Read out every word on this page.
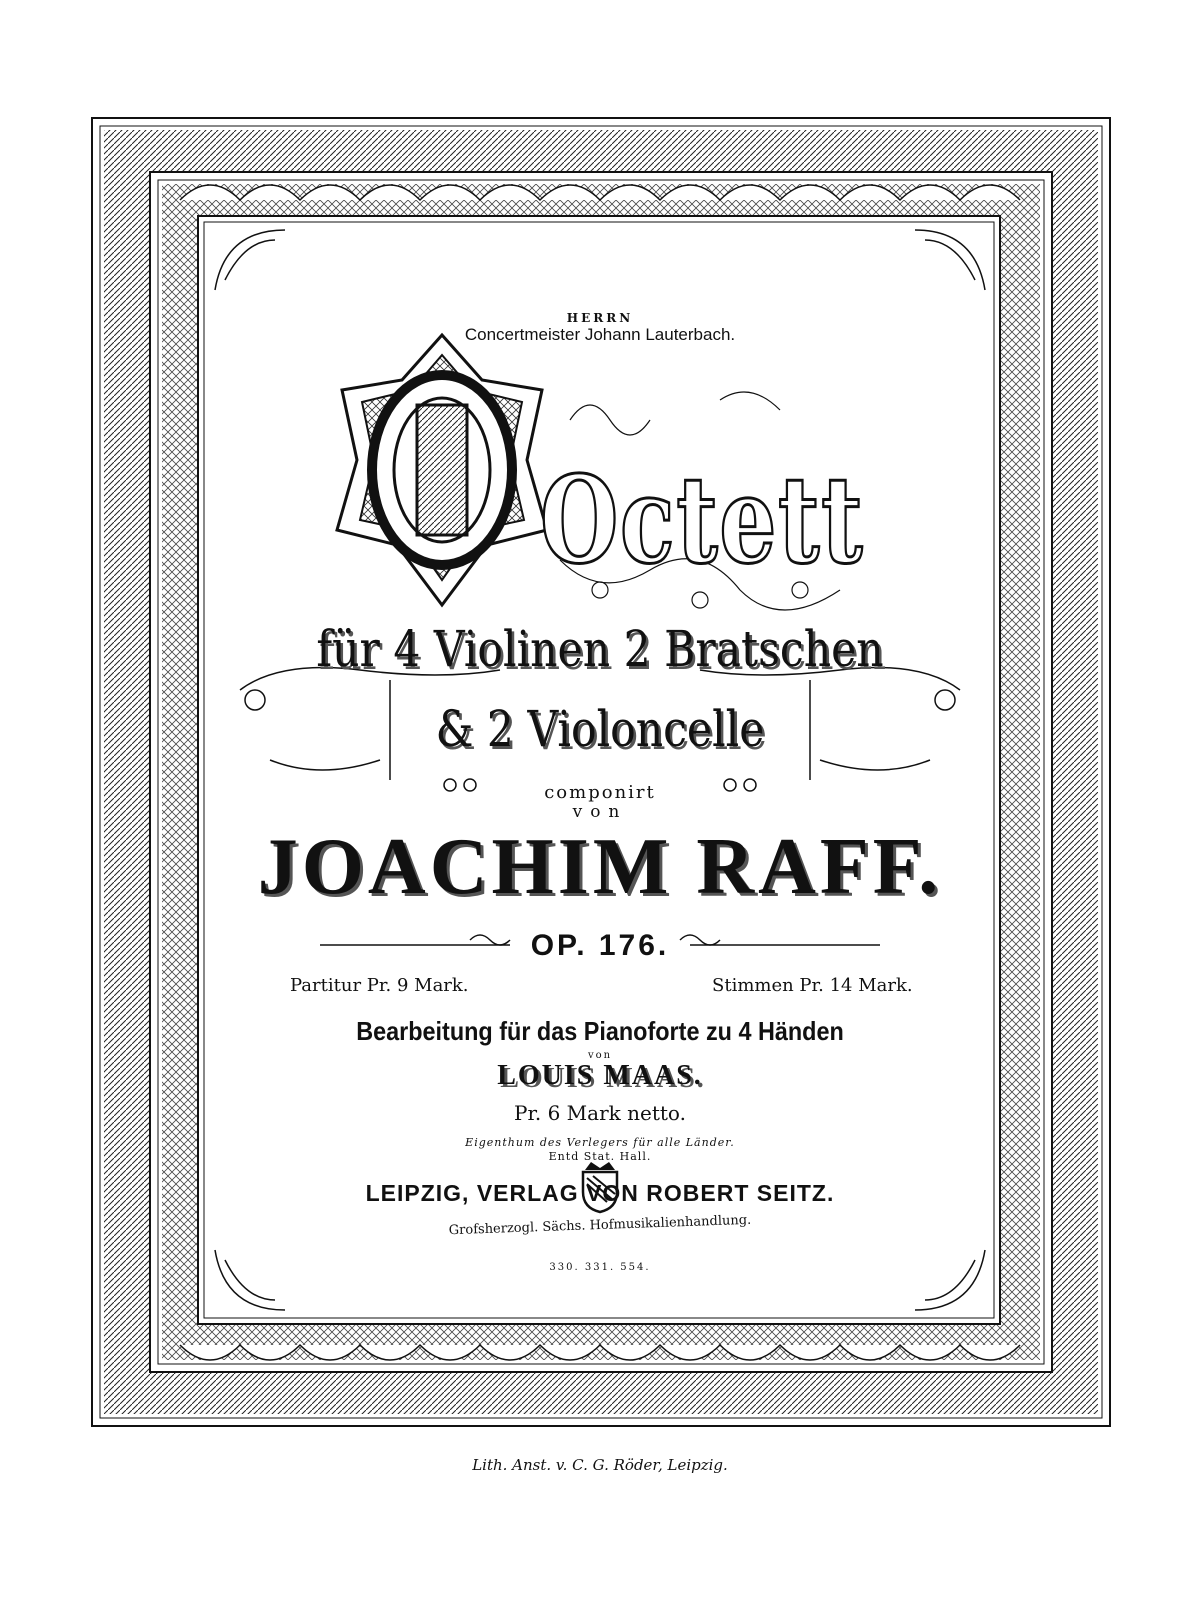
Octett
HERRN
Concertmeister Johann Lauterbach.
für 4 Violinen 2 Bratschen
& 2 Violoncelle
componirt
von
JOACHIM RAFF.
OP. 176.
Partitur Pr. 9 Mark.	Stimmen Pr. 14 Mark.
Bearbeitung für das Pianoforte zu 4 Händen
von
LOUIS MAAS.
Pr. 6 Mark netto.
Eigenthum des Verlegers für alle Länder.
Entd Stat. Hall.
LEIPZIG, VERLAG VON ROBERT SEITZ.
Grofsherzogl. Sächs. Hofmusikalienhandlung.
330. 331. 554.
Lith. Anst. v. C. G. Röder, Leipzig.
